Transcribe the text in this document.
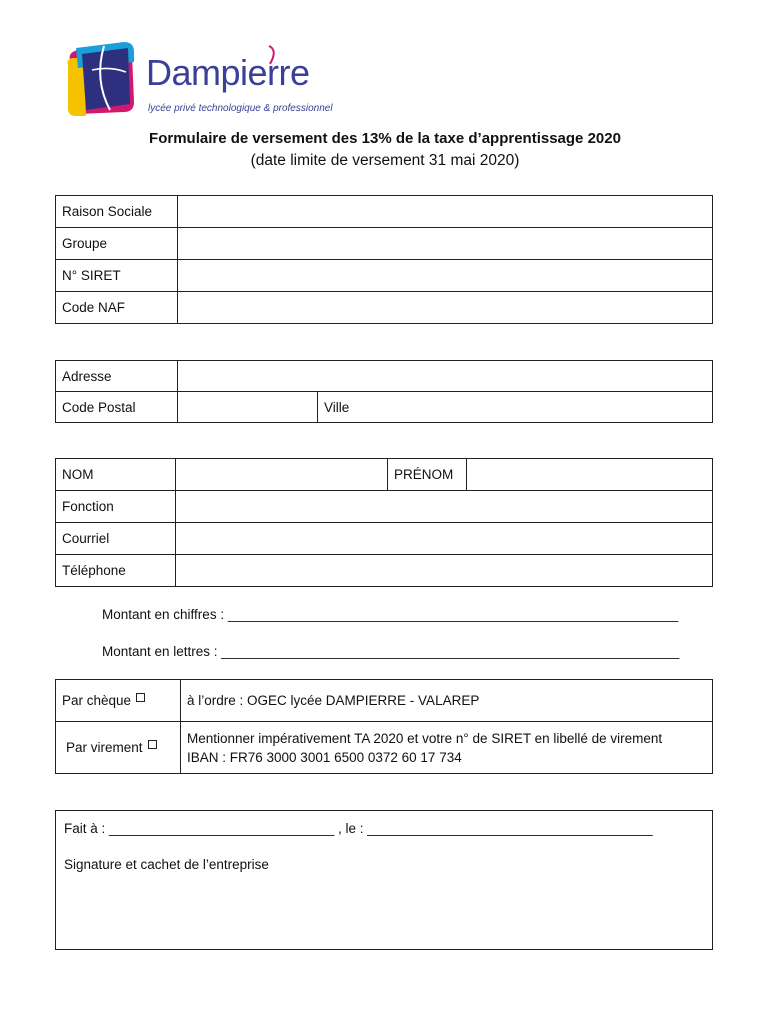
Dampierre
lycée privé technologique & professionnel
Formulaire de versement des 13% de la taxe d’apprentissage 2020
(date limite de versement 31 mai 2020)
Raison Sociale	
Groupe	
N° SIRET	
Code NAF	
Adresse		
Code Postal		Ville
NOM		PRÉNOM	
Fonction			
Courriel			
Téléphone			
Montant en chiffres : ____________________________________________________________
Montant en lettres : _____________________________________________________________
Par chèque	à l’ordre : OGEC lycée DAMPIERRE - VALAREP
Par virement	Mentionner impérativement TA 2020 et votre n° de SIRET en libellé de virement
IBAN : FR76 3000 3001 6500 0372 60 17 734
Fait à : ______________________________ , le : ______________________________________
Signature et cachet de l’entreprise
